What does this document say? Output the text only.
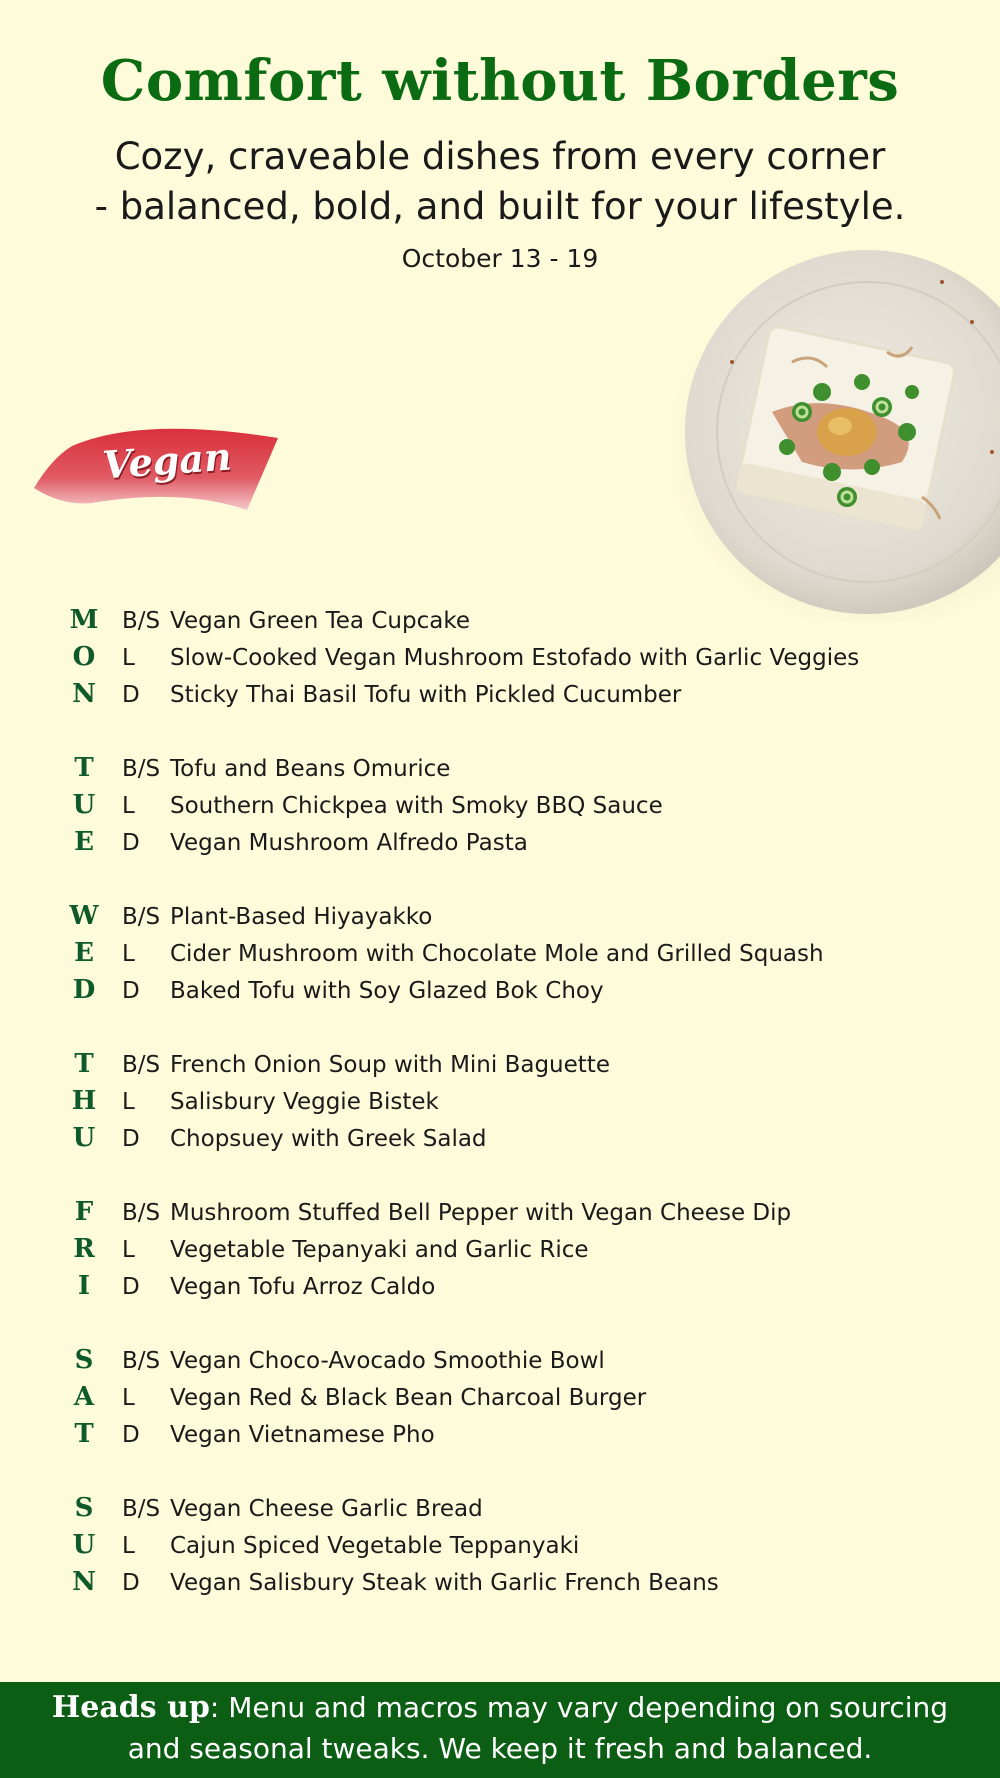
Comfort without Borders
Cozy, craveable dishes from every corner
- balanced, bold, and built for your lifestyle.
October 13 - 19
Vegan
M
O
N
B/S Vegan Green Tea Cupcake
L Slow-Cooked Vegan Mushroom Estofado with Garlic Veggies
D Sticky Thai Basil Tofu with Pickled Cucumber
T
U
E
B/S Tofu and Beans Omurice
L Southern Chickpea with Smoky BBQ Sauce
D Vegan Mushroom Alfredo Pasta
W
E
D
B/S Plant-Based Hiyayakko
L Cider Mushroom with Chocolate Mole and Grilled Squash
D Baked Tofu with Soy Glazed Bok Choy
T
H
U
B/S French Onion Soup with Mini Baguette
L Salisbury Veggie Bistek
D Chopsuey with Greek Salad
F
R
I
B/S Mushroom Stuffed Bell Pepper with Vegan Cheese Dip
L Vegetable Tepanyaki and Garlic Rice
D Vegan Tofu Arroz Caldo
S
A
T
B/S Vegan Choco-Avocado Smoothie Bowl
L Vegan Red & Black Bean Charcoal Burger
D Vegan Vietnamese Pho
S
U
N
B/S Vegan Cheese Garlic Bread
L Cajun Spiced Vegetable Teppanyaki
D Vegan Salisbury Steak with Garlic French Beans
Heads up: Menu and macros may vary depending on sourcing
and seasonal tweaks. We keep it fresh and balanced.
